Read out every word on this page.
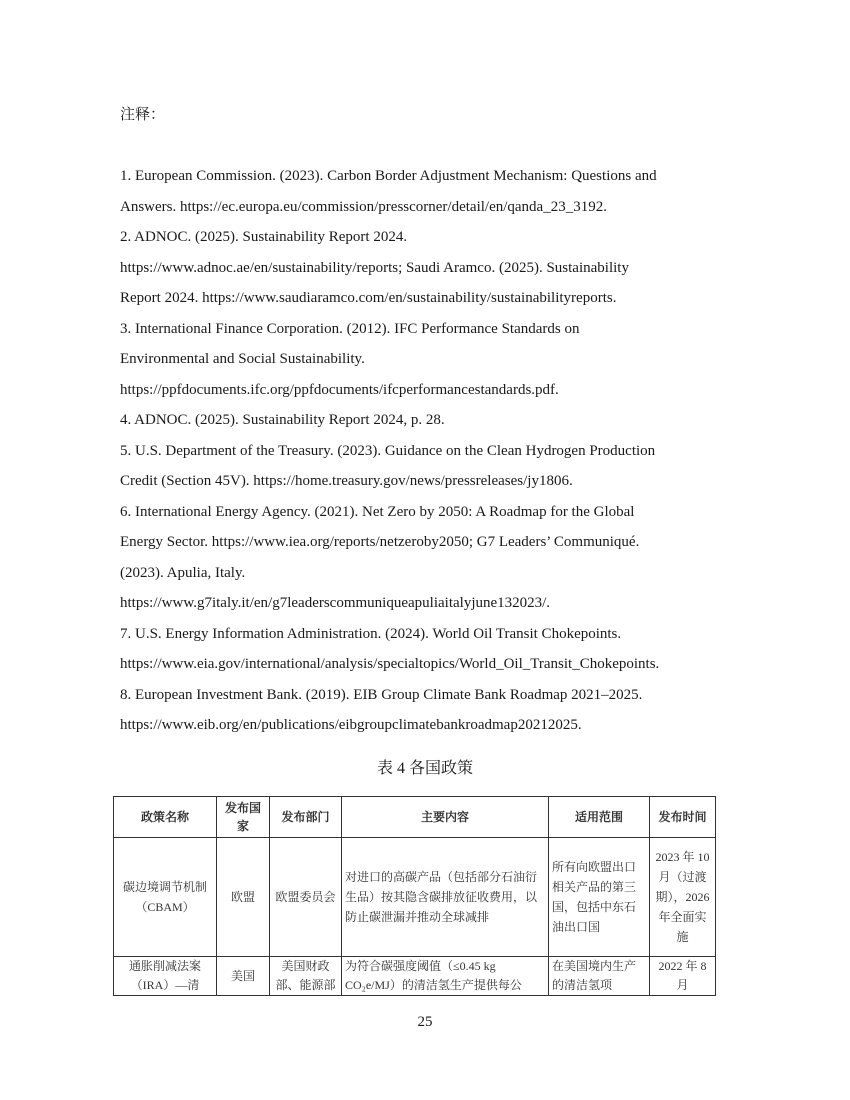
注释：
1. European Commission. (2023). Carbon Border Adjustment Mechanism: Questions and
Answers. https://ec.europa.eu/commission/presscorner/detail/en/qanda_23_3192.
2. ADNOC. (2025). Sustainability Report 2024.
https://www.adnoc.ae/en/sustainability/reports; Saudi Aramco. (2025). Sustainability
Report 2024. https://www.saudiaramco.com/en/sustainability/sustainabilityreports.
3. International Finance Corporation. (2012). IFC Performance Standards on
Environmental and Social Sustainability.
https://ppfdocuments.ifc.org/ppfdocuments/ifcperformancestandards.pdf.
4. ADNOC. (2025). Sustainability Report 2024, p. 28.
5. U.S. Department of the Treasury. (2023). Guidance on the Clean Hydrogen Production
Credit (Section 45V). https://home.treasury.gov/news/pressreleases/jy1806.
6. International Energy Agency. (2021). Net Zero by 2050: A Roadmap for the Global
Energy Sector. https://www.iea.org/reports/netzeroby2050; G7 Leaders’ Communiqué.
(2023). Apulia, Italy.
https://www.g7italy.it/en/g7leaderscommuniqueapuliaitalyjune132023/.
7. U.S. Energy Information Administration. (2024). World Oil Transit Chokepoints.
https://www.eia.gov/international/analysis/specialtopics/World_Oil_Transit_Chokepoints.
8. European Investment Bank. (2019). EIB Group Climate Bank Roadmap 2021–2025.
https://www.eib.org/en/publications/eibgroupclimatebankroadmap20212025.
表 4 各国政策
政策名称	发布国家	发布部门	主要内容	适用范围	发布时间
碳边境调节机制（CBAM）	欧盟	欧盟委员会	对进口的高碳产品（包括部分石油衍生品）按其隐含碳排放征收费用，以防止碳泄漏并推动全球减排	所有向欧盟出口相关产品的第三国，包括中东石油出口国	2023 年 10 月（过渡期），2026 年全面实施
通胀削减法案（IRA）—清	美国	美国财政部、能源部	为符合碳强度阈值（≤0.45 kg CO₂e/MJ）的清洁氢生产提供每公	在美国境内生产的清洁氢项	2022 年 8 月
25
